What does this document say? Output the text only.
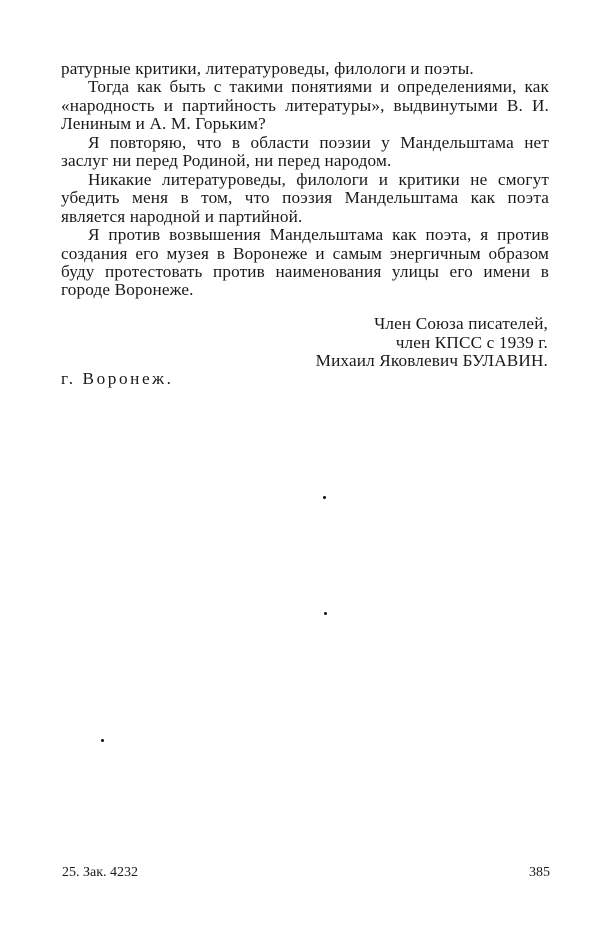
ратурные критики, литературоведы, филологи и поэты.

Тогда как быть с такими понятиями и определениями, как «народность и партийность литературы», выдвинутыми В. И. Лениным и А. М. Горьким?

Я повторяю, что в области поэзии у Мандельштама нет заслуг ни перед Родиной, ни перед народом.

Никакие литературоведы, филологи и критики не смогут убедить меня в том, что поэзия Мандельштама как поэта является народной и партийной.

Я против возвышения Мандельштама как поэта, я против создания его музея в Воронеже и самым энергичным образом буду протестовать против наименования улицы его имени в городе Воронеже.

Член Союза писателей,
член КПСС с 1939 г.
Михаил Яковлевич БУЛАВИН.
г. Воронеж.
25. Зак. 4232	385
